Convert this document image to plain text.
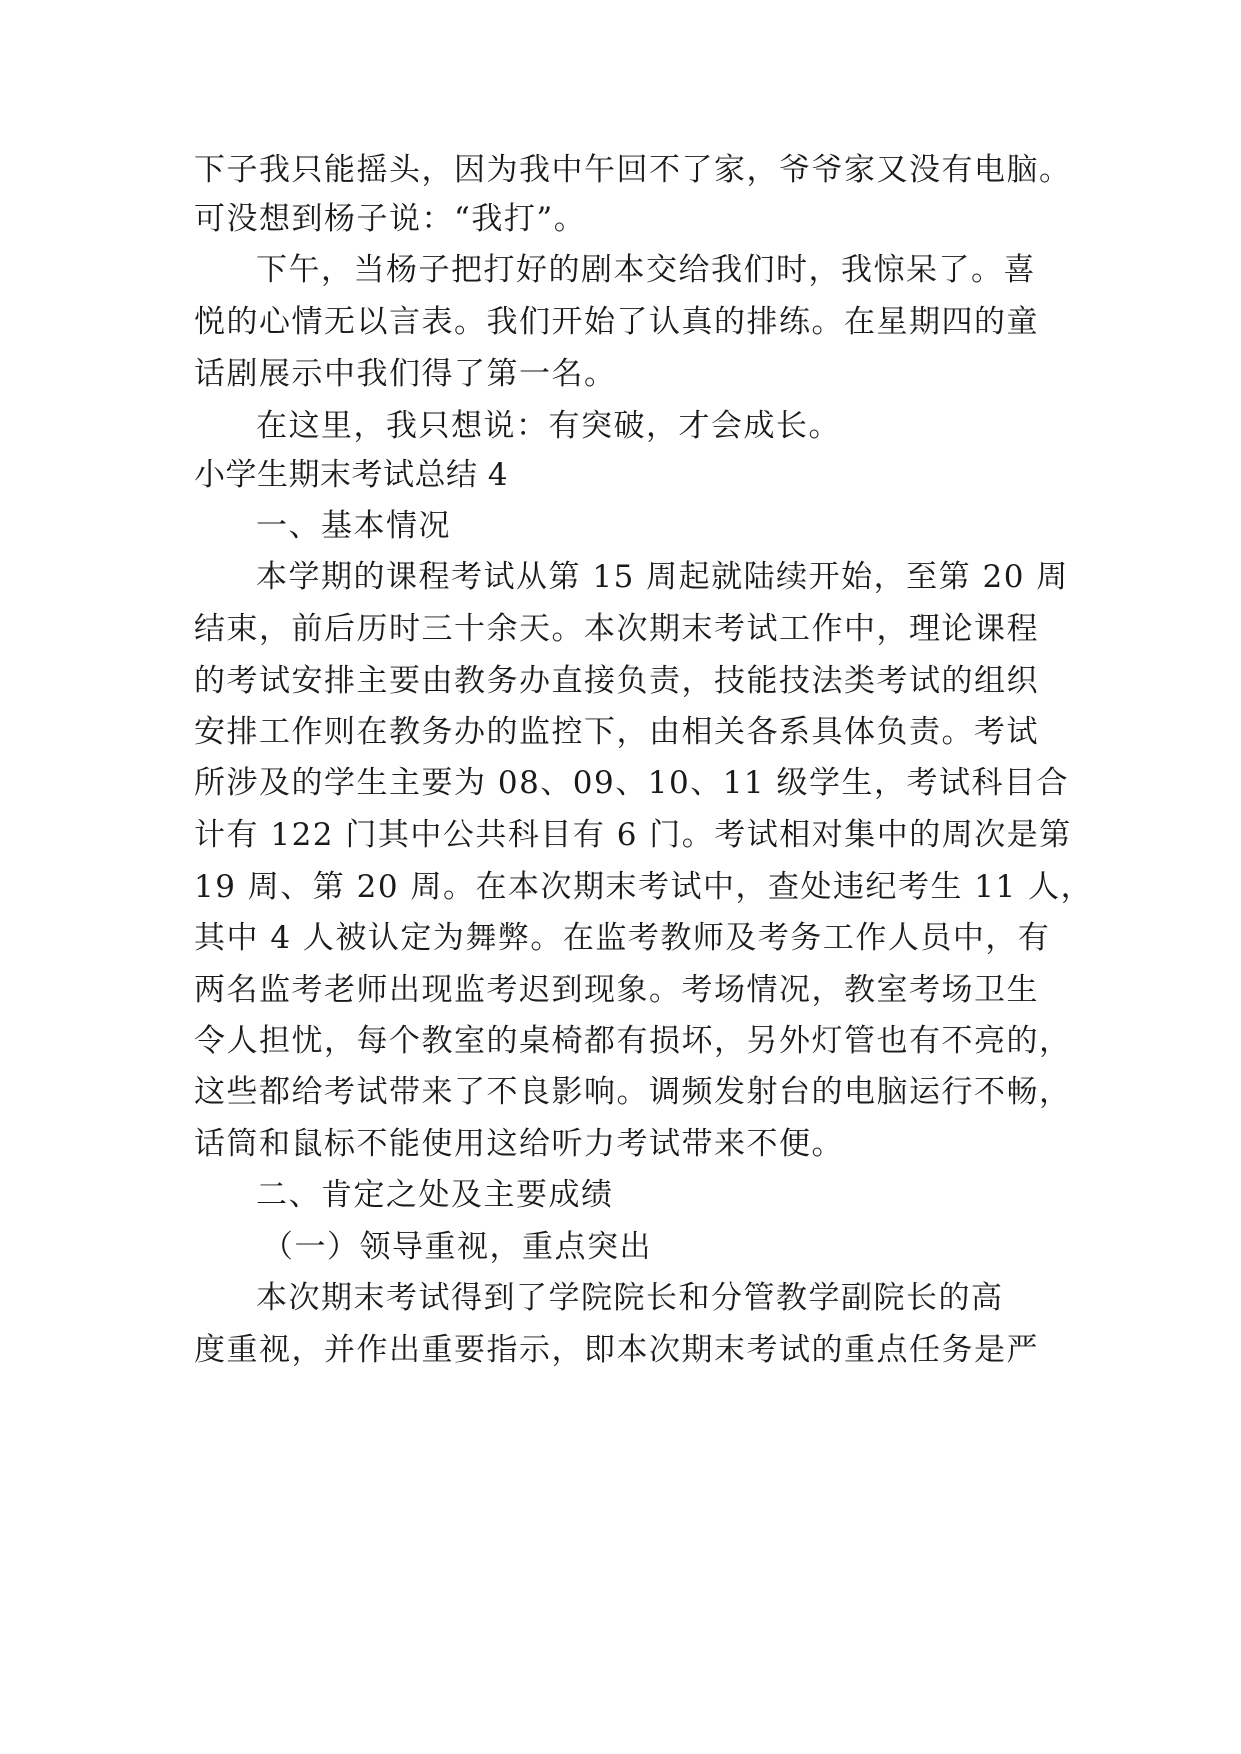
下子我只能摇头，因为我中午回不了家，爷爷家又没有电脑。
可没想到杨子说：“我打”。
下午，当杨子把打好的剧本交给我们时，我惊呆了。喜
悦的心情无以言表。我们开始了认真的排练。在星期四的童
话剧展示中我们得了第一名。
在这里，我只想说：有突破，才会成长。
小学生期末考试总结 4
一、基本情况
本学期的课程考试从第 15 周起就陆续开始，至第 20 周
结束，前后历时三十余天。本次期末考试工作中，理论课程
的考试安排主要由教务办直接负责，技能技法类考试的组织
安排工作则在教务办的监控下，由相关各系具体负责。考试
所涉及的学生主要为 08、09、10、11 级学生，考试科目合
计有 122 门其中公共科目有 6 门。考试相对集中的周次是第
19 周、第 20 周。在本次期末考试中，查处违纪考生 11 人，
其中 4 人被认定为舞弊。在监考教师及考务工作人员中，有
两名监考老师出现监考迟到现象。考场情况，教室考场卫生
令人担忧，每个教室的桌椅都有损坏，另外灯管也有不亮的，
这些都给考试带来了不良影响。调频发射台的电脑运行不畅，
话筒和鼠标不能使用这给听力考试带来不便。
二、肯定之处及主要成绩
（一）领导重视，重点突出
本次期末考试得到了学院院长和分管教学副院长的高
度重视，并作出重要指示，即本次期末考试的重点任务是严
